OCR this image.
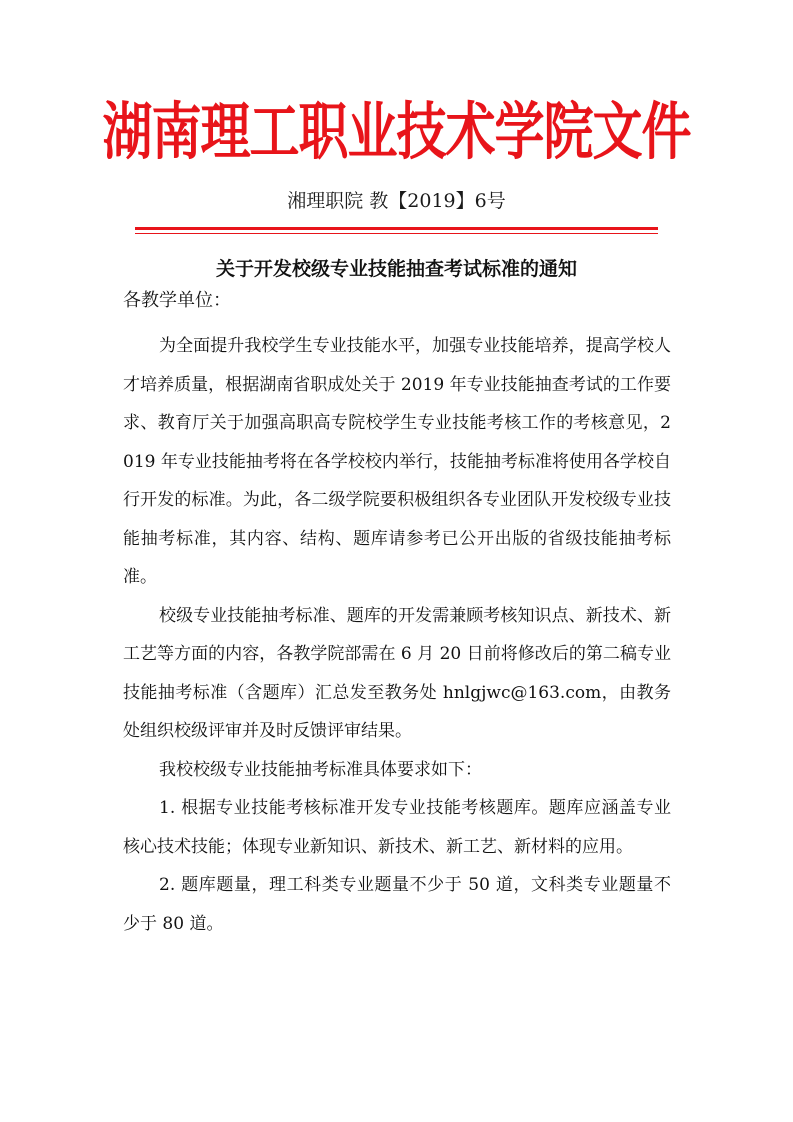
湖南理工职业技术学院文件
湘理职院 教【2019】6号
关于开发校级专业技能抽查考试标准的通知
各教学单位：

为全面提升我校学生专业技能水平，加强专业技能培养，提高学校人才培养质量，根据湖南省职成处关于 2019 年专业技能抽查考试的工作要求、教育厅关于加强高职高专院校学生专业技能考核工作的考核意见，2019 年专业技能抽考将在各学校校内举行，技能抽考标准将使用各学校自行开发的标准。为此，各二级学院要积极组织各专业团队开发校级专业技能抽考标准，其内容、结构、题库请参考已公开出版的省级技能抽考标准。

校级专业技能抽考标准、题库的开发需兼顾考核知识点、新技术、新工艺等方面的内容，各教学院部需在 6 月 20 日前将修改后的第二稿专业技能抽考标准（含题库）汇总发至教务处 hnlgjwc@163.com，由教务处组织校级评审并及时反馈评审结果。

我校校级专业技能抽考标准具体要求如下：

1. 根据专业技能考核标准开发专业技能考核题库。题库应涵盖专业核心技术技能；体现专业新知识、新技术、新工艺、新材料的应用。

2. 题库题量，理工科类专业题量不少于 50 道，文科类专业题量不少于 80 道。
